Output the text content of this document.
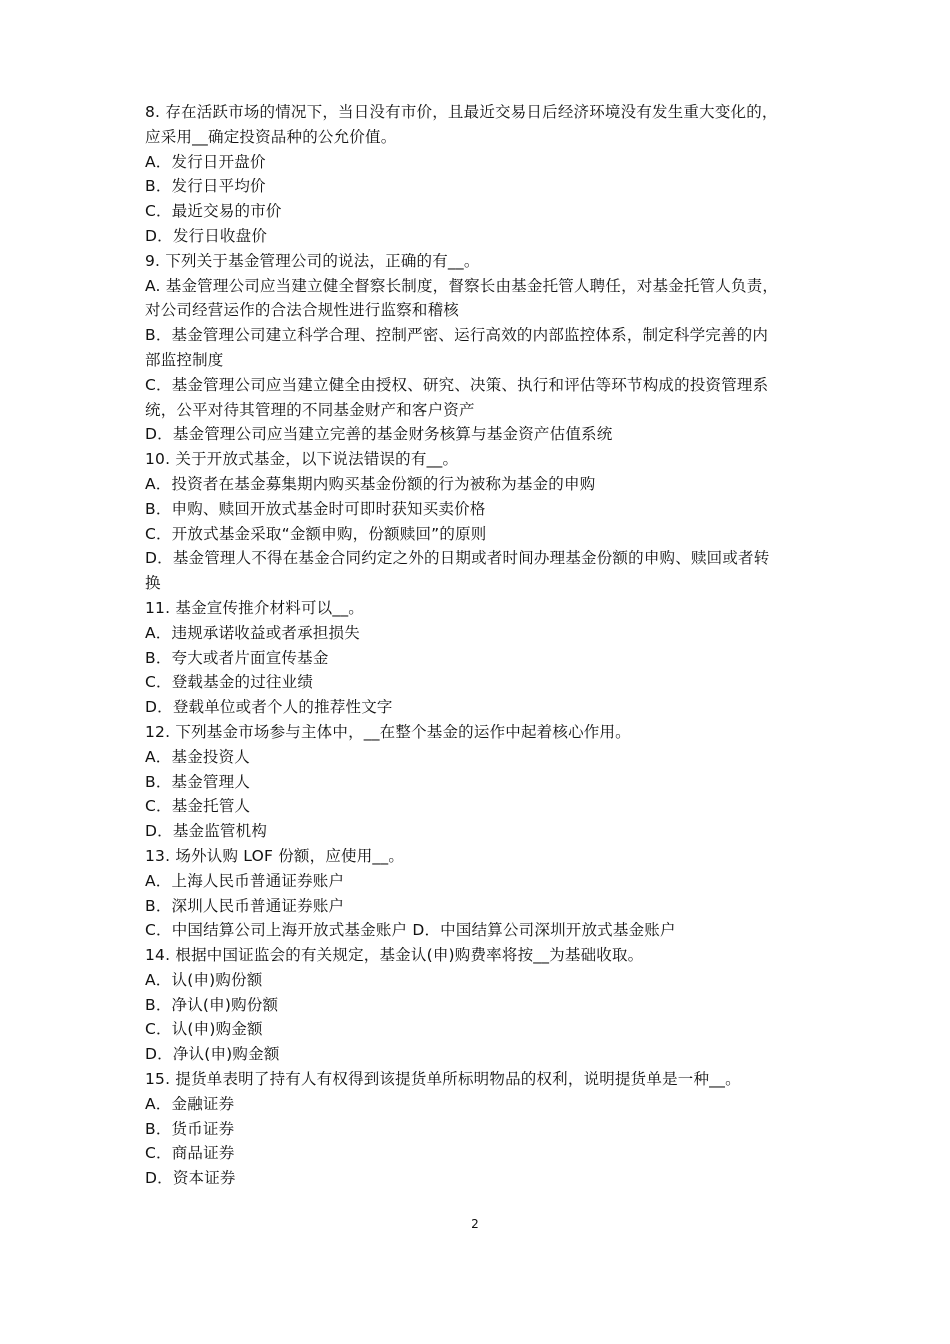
8. 存在活跃市场的情况下，当日没有市价，且最近交易日后经济环境没有发生重大变化的，
应采用__确定投资品种的公允价值。
A．发行日开盘价
B．发行日平均价
C．最近交易的市价
D．发行日收盘价
9. 下列关于基金管理公司的说法，正确的有__。
A. 基金管理公司应当建立健全督察长制度，督察长由基金托管人聘任，对基金托管人负责，
对公司经营运作的合法合规性进行监察和稽核
B．基金管理公司建立科学合理、控制严密、运行高效的内部监控体系，制定科学完善的内
部监控制度
C．基金管理公司应当建立健全由授权、研究、决策、执行和评估等环节构成的投资管理系
统，公平对待其管理的不同基金财产和客户资产
D．基金管理公司应当建立完善的基金财务核算与基金资产估值系统
10. 关于开放式基金，以下说法错误的有__。
A．投资者在基金募集期内购买基金份额的行为被称为基金的申购
B．申购、赎回开放式基金时可即时获知买卖价格
C．开放式基金采取“金额申购，份额赎回”的原则
D．基金管理人不得在基金合同约定之外的日期或者时间办理基金份额的申购、赎回或者转
换
11. 基金宣传推介材料可以__。
A．违规承诺收益或者承担损失
B．夸大或者片面宣传基金
C．登载基金的过往业绩
D．登载单位或者个人的推荐性文字
12. 下列基金市场参与主体中，__在整个基金的运作中起着核心作用。
A．基金投资人
B．基金管理人
C．基金托管人
D．基金监管机构
13. 场外认购 LOF 份额，应使用__。
A．上海人民币普通证券账户
B．深圳人民币普通证券账户
C．中国结算公司上海开放式基金账户 D．中国结算公司深圳开放式基金账户
14. 根据中国证监会的有关规定，基金认(申)购费率将按__为基础收取。
A．认(申)购份额
B．净认(申)购份额
C．认(申)购金额
D．净认(申)购金额
15. 提货单表明了持有人有权得到该提货单所标明物品的权利，说明提货单是一种__。
A．金融证券
B．货币证券
C．商品证券
D．资本证券
2
